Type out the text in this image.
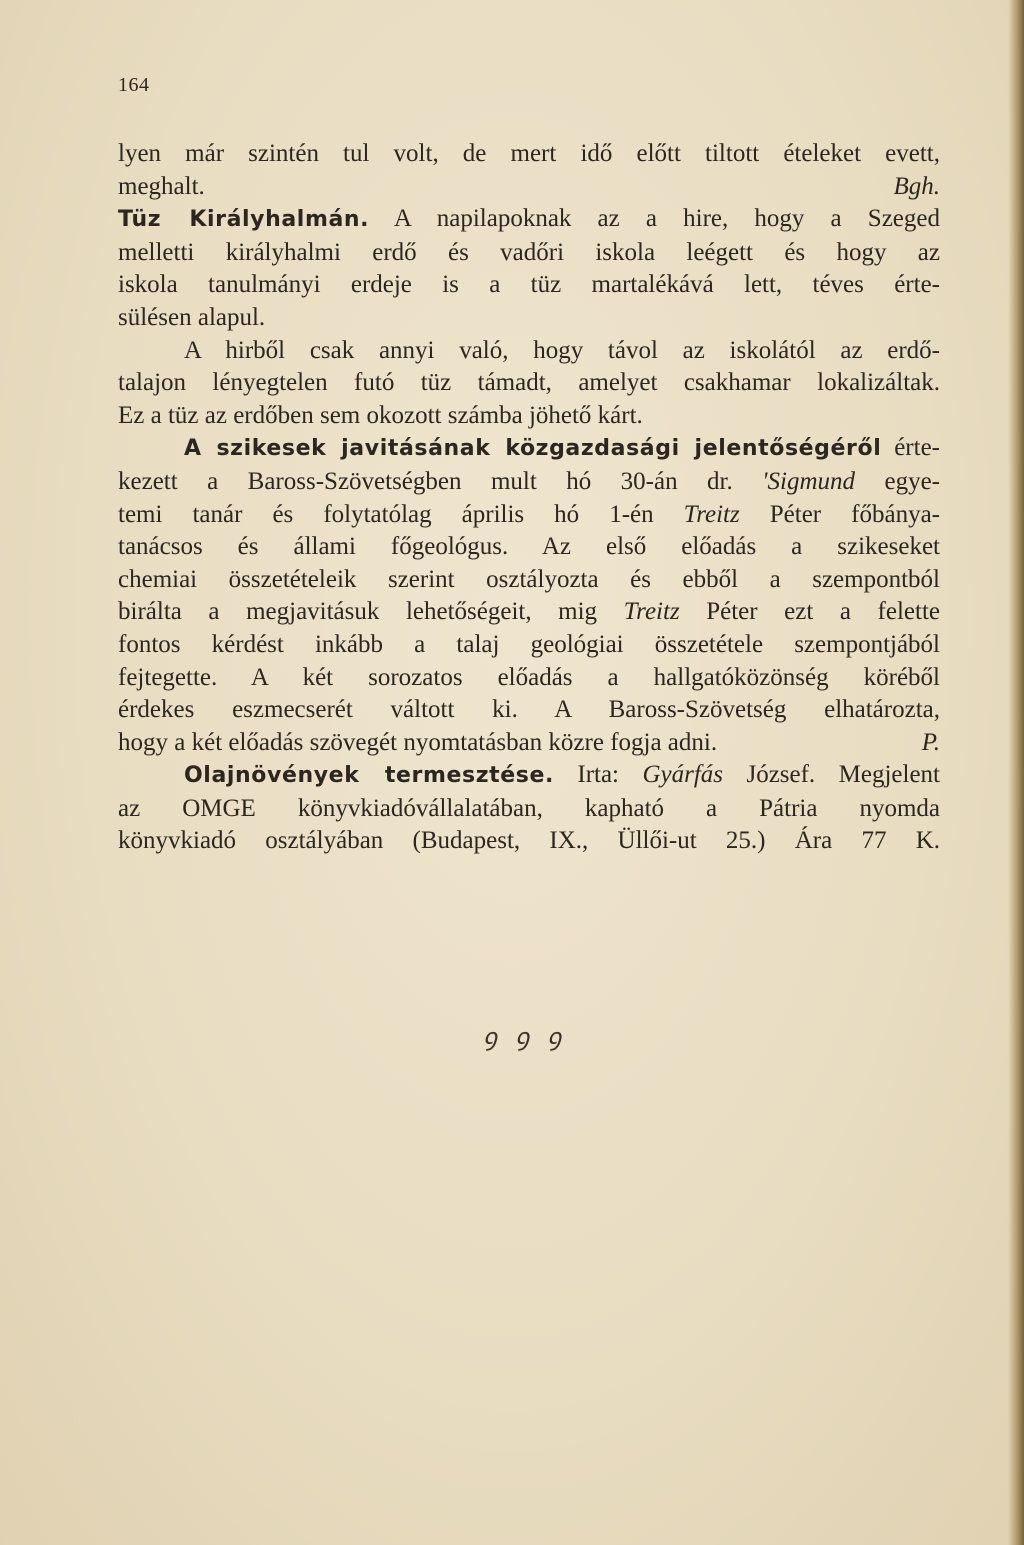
164

lyen már szintén tul volt, de mert idő előtt tiltott ételeket evett,
meghalt.	Bgh.

Tüz Királyhalmán. A napilapoknak az a hire, hogy a Szeged
melletti királyhalmi erdő és vadőri iskola leégett és hogy az
iskola tanulmányi erdeje is a tüz martalékává lett, téves érte-
sülésen alapul.

A hirből csak annyi való, hogy távol az iskolától az erdő-

talajon lényegtelen futó tüz támadt, amelyet csakhamar lokalizáltak.
Ez a tüz az erdőben sem okozott számba jöhető kárt.

A szikesek javitásának közgazdasági jelentőségéről érte-

kezett a Baross-Szövetségben mult hó 30-án dr. 'Sigmund egye-
temi tanár és folytatólag április hó 1-én Treitz Péter főbánya-
tanácsos és állami főgeológus. Az első előadás a szikeseket
chemiai összetételeik szerint osztályozta és ebből a szempontból
birálta a megjavitásuk lehetőségeit, mig Treitz Péter ezt a felette
fontos kérdést inkább a talaj geológiai összetétele szempontjából
fejtegette. A két sorozatos előadás a hallgatóközönség köréből
érdekes eszmecserét váltott ki. A Baross-Szövetség elhatározta,
hogy a két előadás szövegét nyomtatásban közre fogja adni.	P.

Olajnövények termesztése. Irta: Gyárfás József. Megjelent

az OMGE könyvkiadóvállalatában, kapható a Pátria nyomda
könyvkiadó osztályában (Budapest, IX., Üllői-ut 25.) Ára 77 K.

ꝯ ꝯ ꝯ
